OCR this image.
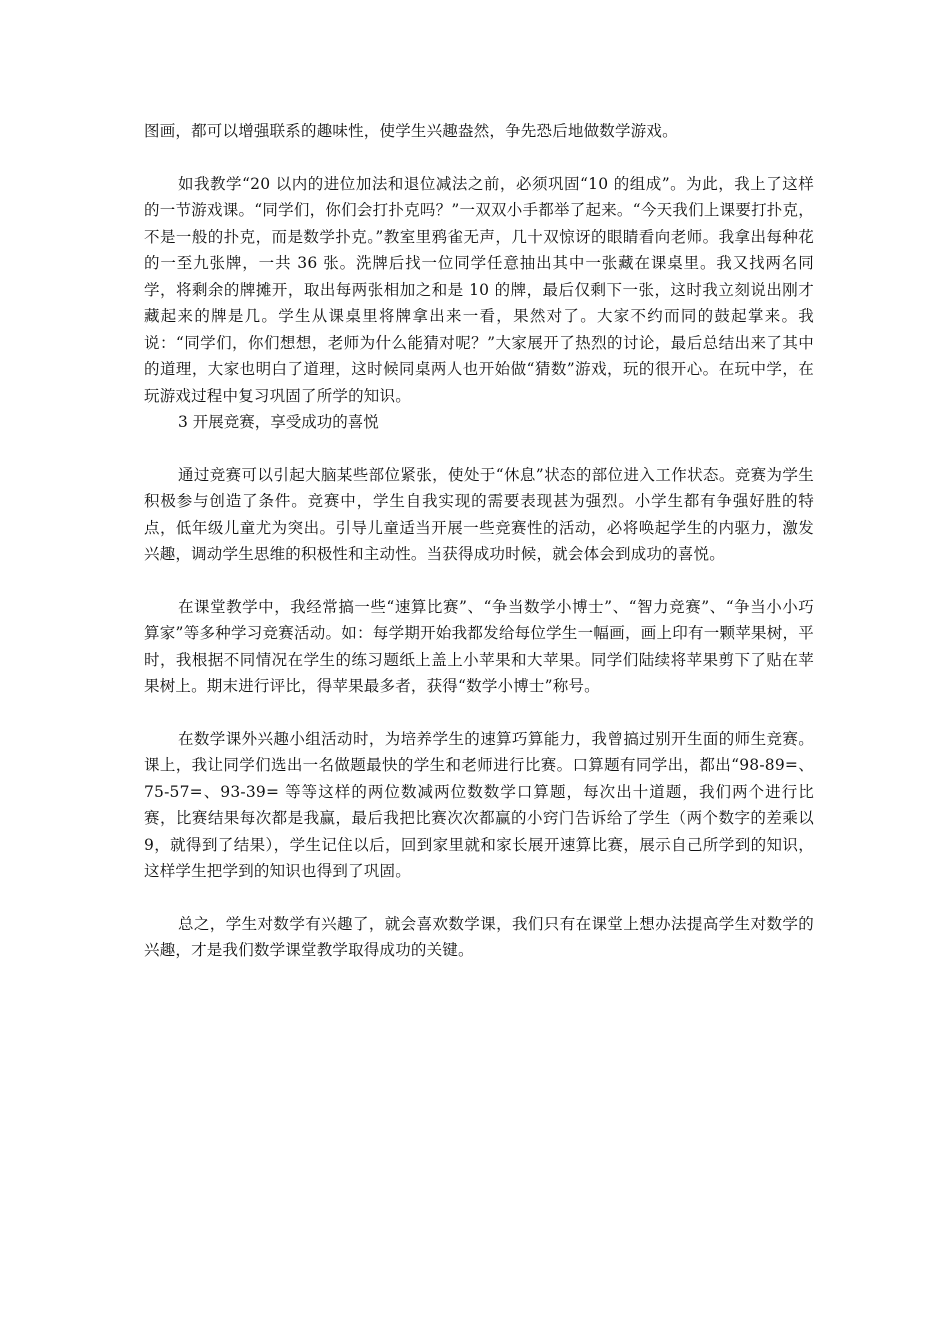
图画，都可以增强联系的趣味性，使学生兴趣盎然，争先恐后地做数学游戏。

如我教学“20 以内的进位加法和退位减法之前，必须巩固“10 的组成”。为此，我上了这样的一节游戏课。“同学们，你们会打扑克吗？”一双双小手都举了起来。“今天我们上课要打扑克，不是一般的扑克，而是数学扑克。”教室里鸦雀无声，几十双惊讶的眼睛看向老师。我拿出每种花的一至九张牌，一共 36 张。洗牌后找一位同学任意抽出其中一张藏在课桌里。我又找两名同学，将剩余的牌摊开，取出每两张相加之和是 10 的牌，最后仅剩下一张，这时我立刻说出刚才藏起来的牌是几。学生从课桌里将牌拿出来一看，果然对了。大家不约而同的鼓起掌来。我说：“同学们，你们想想，老师为什么能猜对呢？”大家展开了热烈的讨论，最后总结出来了其中的道理，大家也明白了道理，这时候同桌两人也开始做“猜数”游戏，玩的很开心。在玩中学，在玩游戏过程中复习巩固了所学的知识。

3 开展竞赛，享受成功的喜悦

通过竞赛可以引起大脑某些部位紧张，使处于“休息”状态的部位进入工作状态。竞赛为学生积极参与创造了条件。竞赛中，学生自我实现的需要表现甚为强烈。小学生都有争强好胜的特点，低年级儿童尤为突出。引导儿童适当开展一些竞赛性的活动，必将唤起学生的内驱力，激发兴趣，调动学生思维的积极性和主动性。当获得成功时候，就会体会到成功的喜悦。

在课堂教学中，我经常搞一些“速算比赛”、“争当数学小博士”、“智力竞赛”、“争当小小巧算家”等多种学习竞赛活动。如：每学期开始我都发给每位学生一幅画，画上印有一颗苹果树，平时，我根据不同情况在学生的练习题纸上盖上小苹果和大苹果。同学们陆续将苹果剪下了贴在苹果树上。期末进行评比，得苹果最多者，获得“数学小博士”称号。

在数学课外兴趣小组活动时，为培养学生的速算巧算能力，我曾搞过别开生面的师生竞赛。课上，我让同学们选出一名做题最快的学生和老师进行比赛。口算题有同学出，都出“98-89=、75-57=、93-39= 等等这样的两位数减两位数数学口算题，每次出十道题，我们两个进行比赛，比赛结果每次都是我赢，最后我把比赛次次都赢的小窍门告诉给了学生（两个数字的差乘以 9，就得到了结果），学生记住以后，回到家里就和家长展开速算比赛，展示自己所学到的知识，这样学生把学到的知识也得到了巩固。

总之，学生对数学有兴趣了，就会喜欢数学课，我们只有在课堂上想办法提高学生对数学的兴趣，才是我们数学课堂教学取得成功的关键。
